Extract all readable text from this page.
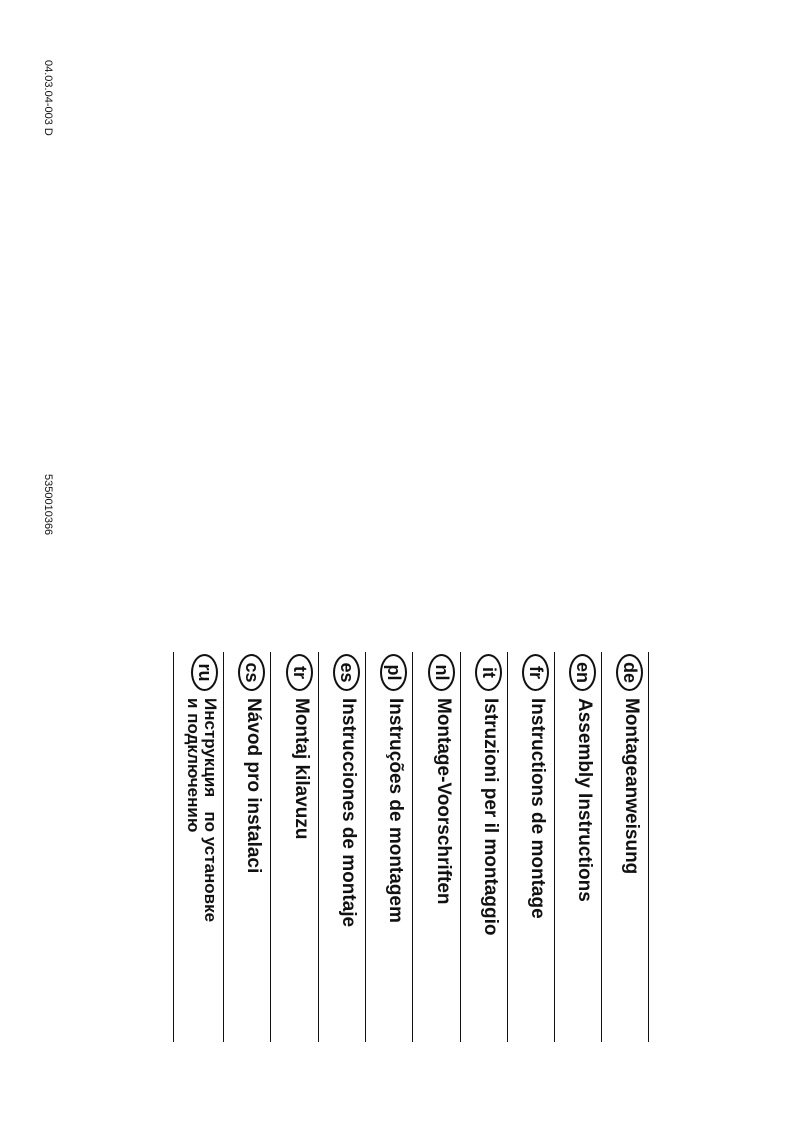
04.03.04-003 D
5350010366
de
Montageanweisung
en
Assembly Instructions
fr
Instructions de montage
it
Istruzioni per il montaggio
nl
Montage-Voorschriften
pl
Instruções de montagem
es
Instrucciones de montaje
tr
Montaj kilavuzu
cs
Návod pro instalaci
ru
Инструкция   по установке
и подключению
